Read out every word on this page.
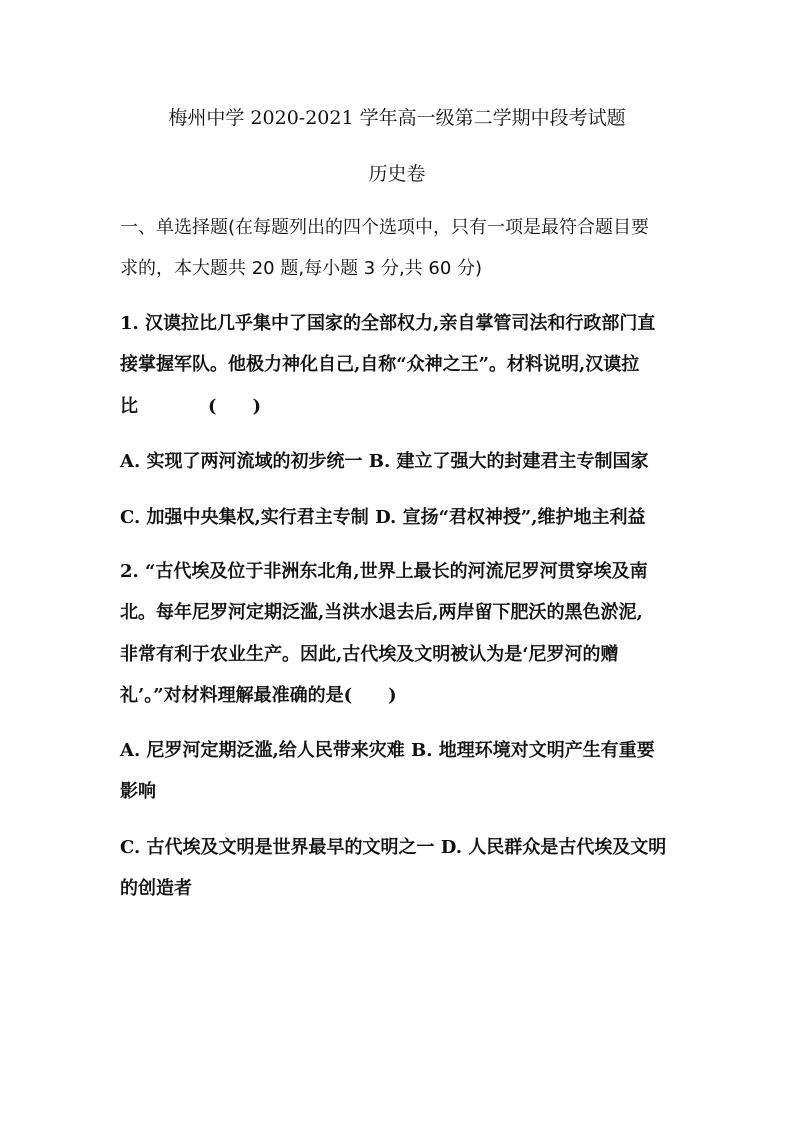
梅州中学 2020-2021 学年高一级第二学期中段考试题
历史卷
一、单选择题(在每题列出的四个选项中，只有一项是最符合题目要
求的，本大题共 20 题,每小题 3 分,共 60 分)
1. 汉谟拉比几乎集中了国家的全部权力,亲自掌管司法和行政部门直
接掌握军队。他极力神化自己,自称“众神之王”。材料说明,汉谟拉
比	(　　)
A. 实现了两河流域的初步统一 B. 建立了强大的封建君主专制国家
C. 加强中央集权,实行君主专制 D. 宣扬“君权神授”,维护地主利益
2. “古代埃及位于非洲东北角,世界上最长的河流尼罗河贯穿埃及南
北。每年尼罗河定期泛滥,当洪水退去后,两岸留下肥沃的黑色淤泥,
非常有利于农业生产。因此,古代埃及文明被认为是‘尼罗河的赠
礼’。”对材料理解最准确的是(　　)
A. 尼罗河定期泛滥,给人民带来灾难 B. 地理环境对文明产生有重要
影响
C. 古代埃及文明是世界最早的文明之一 D. 人民群众是古代埃及文明
的创造者
